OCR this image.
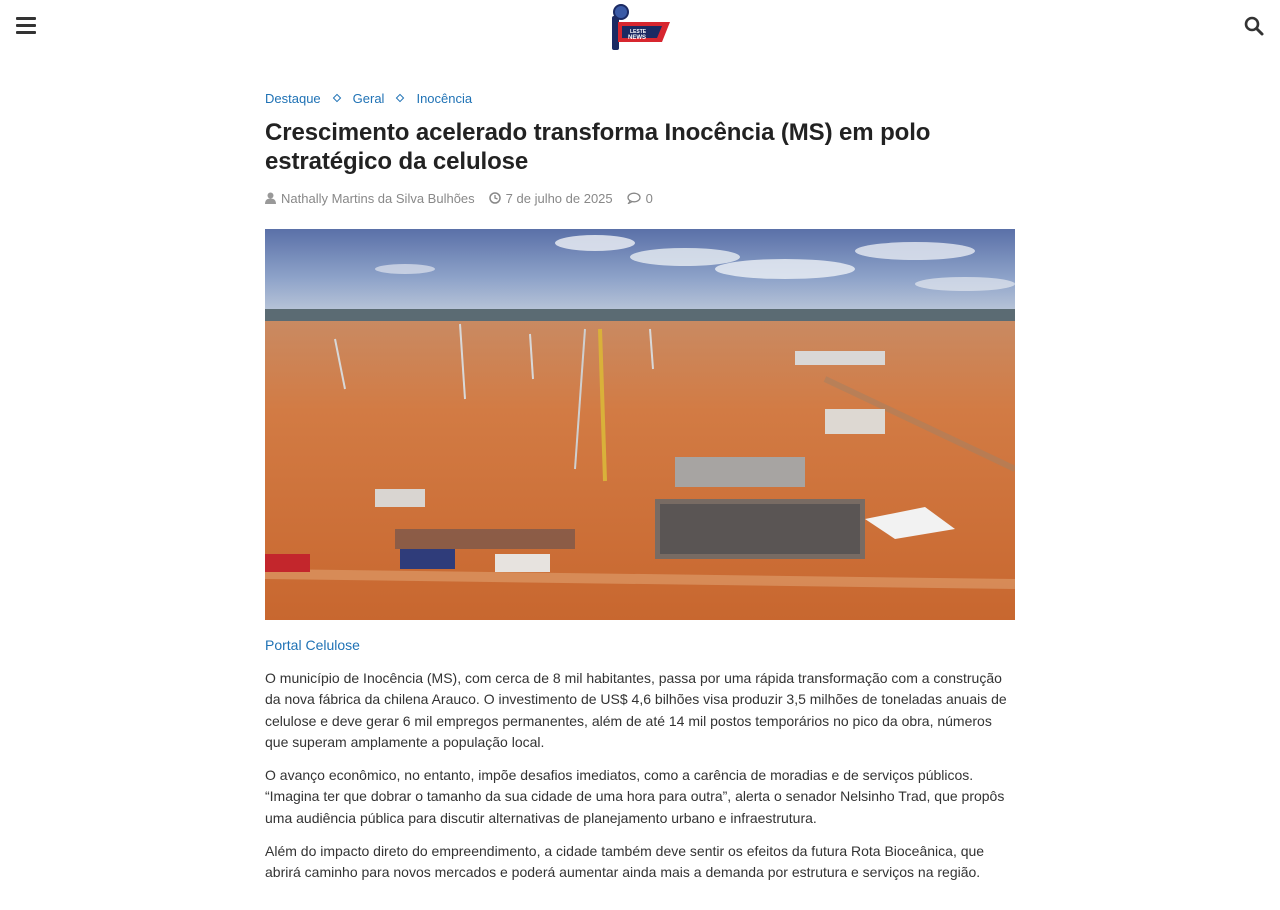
LESTE
NEWS
Destaque Geral Inocência
Crescimento acelerado transforma Inocência (MS) em polo estratégico da celulose
Nathally Martins da Silva Bulhões 7 de julho de 2025	0
Portal Celulose

O município de Inocência (MS), com cerca de 8 mil habitantes, passa por uma rápida transformação com a construção da nova fábrica da chilena Arauco. O investimento de US$ 4,6 bilhões visa produzir 3,5 milhões de toneladas anuais de celulose e deve gerar 6 mil empregos permanentes, além de até 14 mil postos temporários no pico da obra, números que superam amplamente a população local.

O avanço econômico, no entanto, impõe desafios imediatos, como a carência de moradias e de serviços públicos. “Imagina ter que dobrar o tamanho da sua cidade de uma hora para outra”, alerta o senador Nelsinho Trad, que propôs uma audiência pública para discutir alternativas de planejamento urbano e infraestrutura.

Além do impacto direto do empreendimento, a cidade também deve sentir os efeitos da futura Rota Bioceânica, que abrirá caminho para novos mercados e poderá aumentar ainda mais a demanda por estrutura e serviços na região.
